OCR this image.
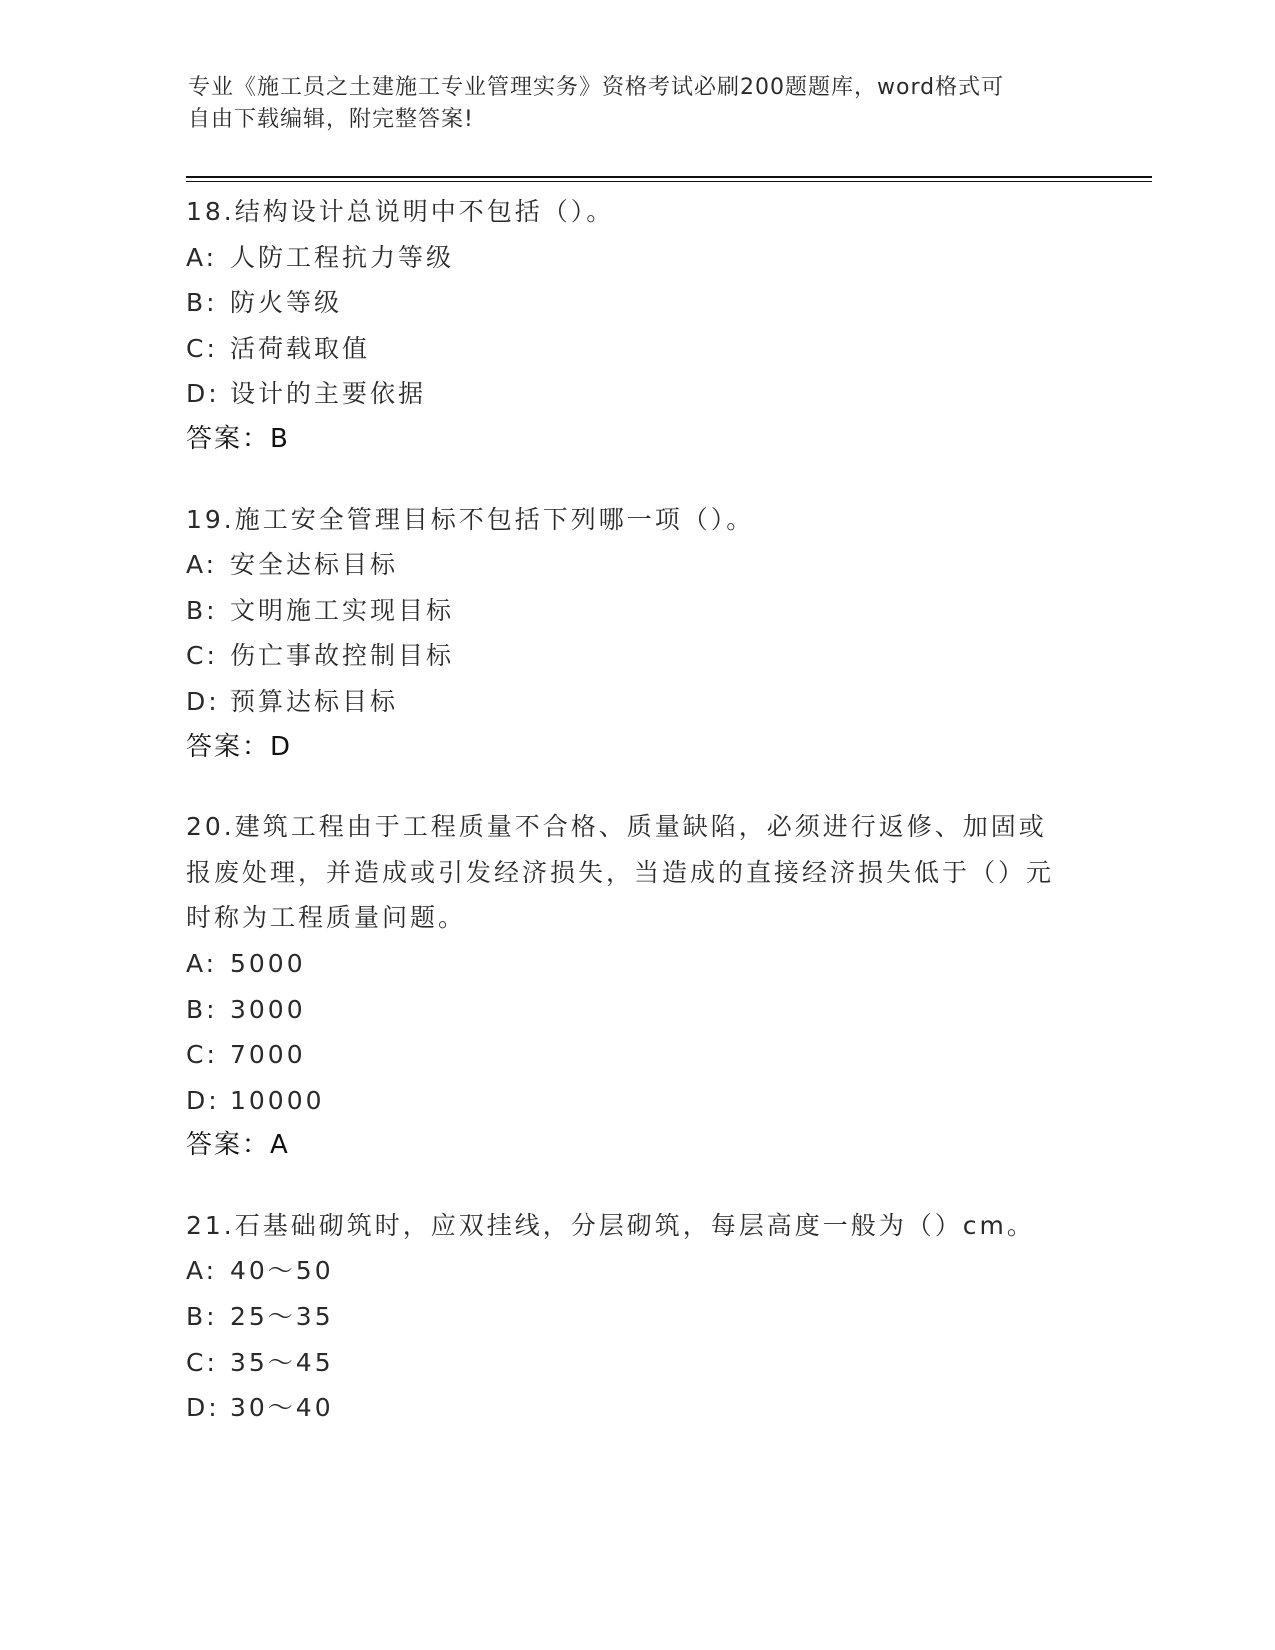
专业《施工员之土建施工专业管理实务》资格考试必刷200题题库，word格式可
自由下载编辑，附完整答案!
18.结构设计总说明中不包括（）。
A: 人防工程抗力等级
B: 防火等级
C: 活荷载取值
D: 设计的主要依据
答案：B
19.施工安全管理目标不包括下列哪一项（）。
A: 安全达标目标
B: 文明施工实现目标
C: 伤亡事故控制目标
D: 预算达标目标
答案：D
20.建筑工程由于工程质量不合格、质量缺陷，必须进行返修、加固或报废处理，并造成或引发经济损失，当造成的直接经济损失低于（）元时称为工程质量问题。
A: 5000
B: 3000
C: 7000
D: 10000
答案：A
21.石基础砌筑时，应双挂线，分层砌筑，每层高度一般为（）cm。
A: 40～50
B: 25～35
C: 35～45
D: 30～40
